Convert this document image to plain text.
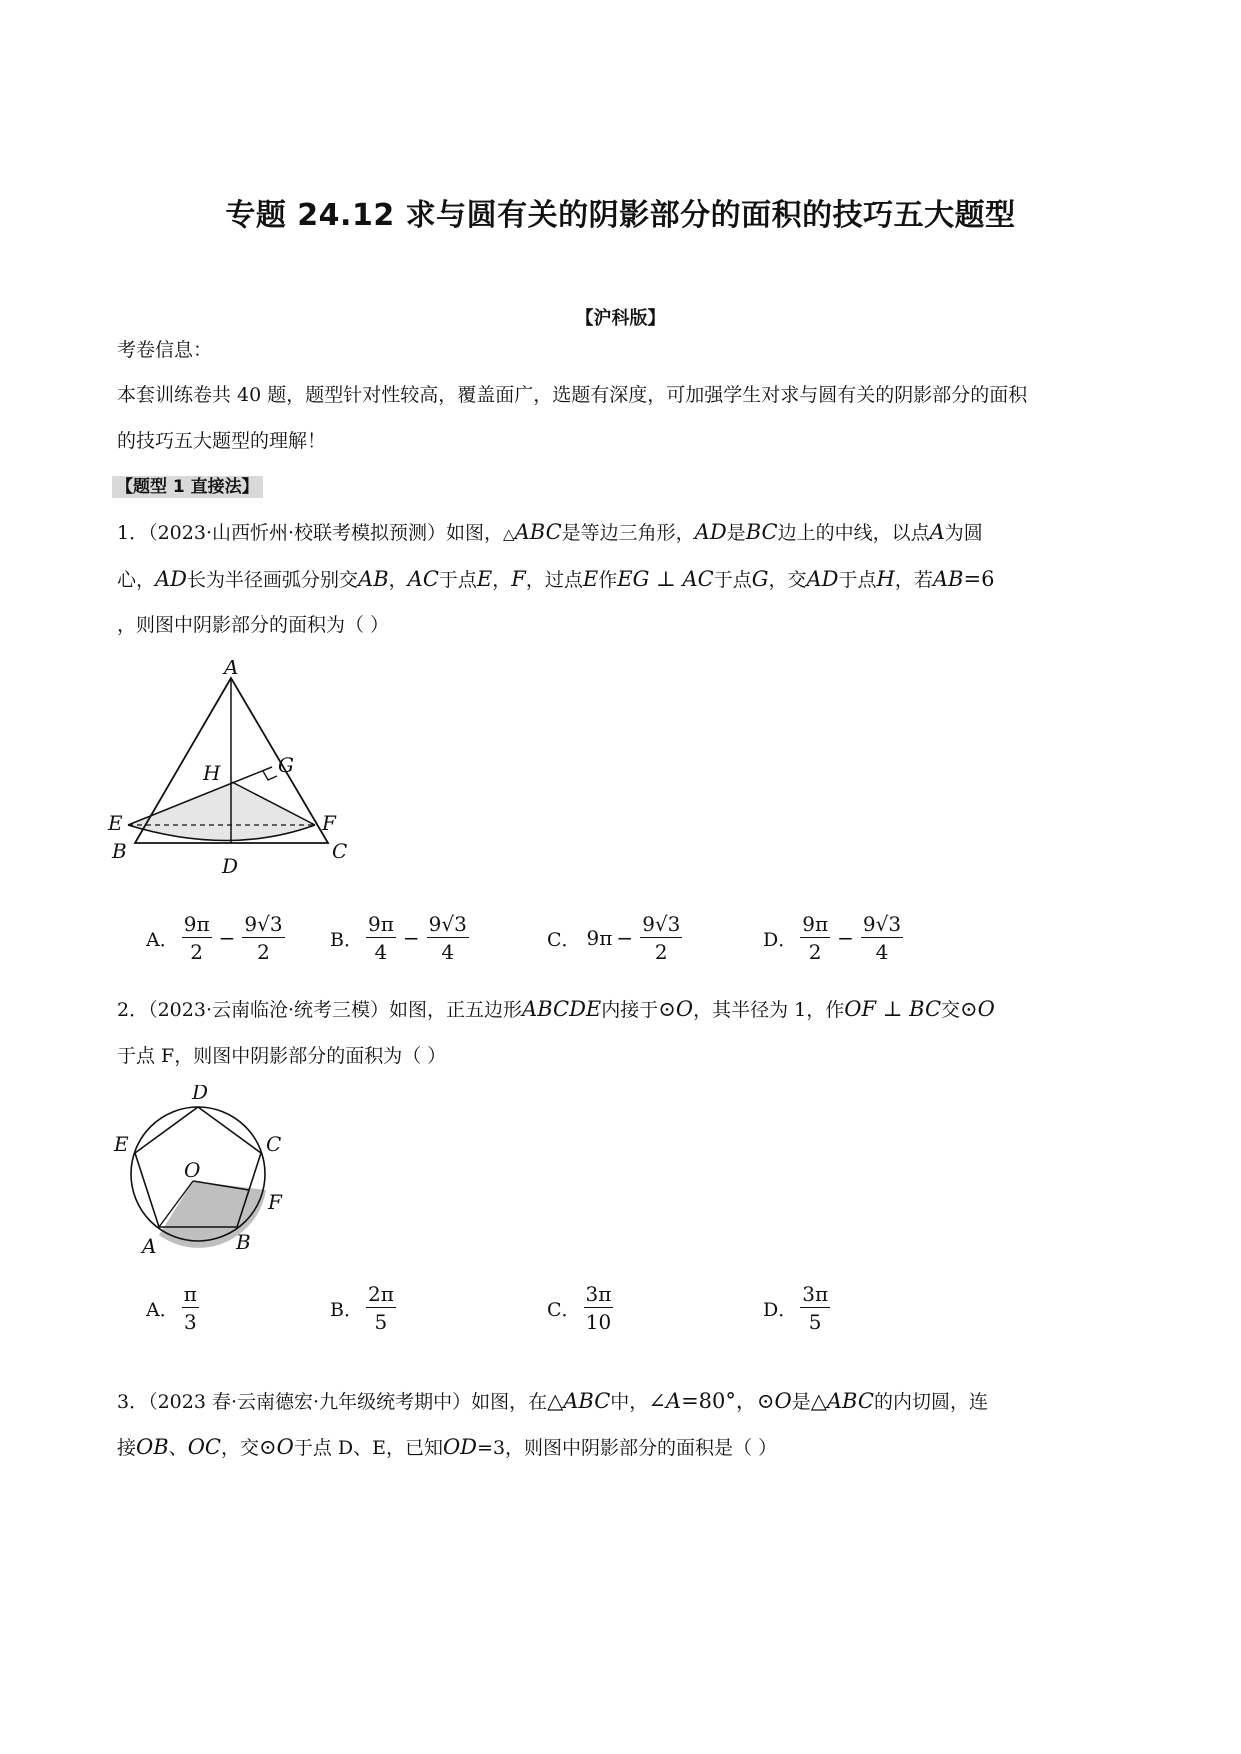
专题 24.12 求与圆有关的阴影部分的面积的技巧五大题型
【沪科版】
考卷信息：
本套训练卷共 40 题，题型针对性较高，覆盖面广，选题有深度，可加强学生对求与圆有关的阴影部分的面积
的技巧五大题型的理解！
【题型 1 直接法】
1．（2023·山西忻州·校联考模拟预测）如图，△ABC是等边三角形，AD是BC边上的中线，以点A为圆
心，AD长为半径画弧分别交AB，AC于点E，F，过点E作EG ⊥ AC于点G，交AD于点H，若AB=6
，则图中阴影部分的面积为（ ）
A
G
H
E	F
B
D
C
A． $\frac{9\pi}{2} - \frac{9√3}{2}$ B． $\frac{9\pi}{4} - \frac{9√3}{4}$	C． $9\pi - \frac{9√3}{2}$	D． $\frac{9\pi}{2} - \frac{9√3}{4}$
2．（2023·云南临沧·统考三模）如图，正五边形ABCDE内接于⊙O，其半径为 1，作OF ⊥ BC交⊙O
于点 F，则图中阴影部分的面积为（ ）
D
E	C
O
F
A	B
A． $\frac{\pi}{3}$	B． $\frac{2\pi}{5}$	C． $\frac{3\pi}{10}$	D． $\frac{3\pi}{5}$
3．（2023 春·云南德宏·九年级统考期中）如图，在△ABC中，∠A=80°，⊙O是△ABC的内切圆，连
接OB、OC，交⊙O于点 D、E，已知OD=3，则图中阴影部分的面积是（ ）
